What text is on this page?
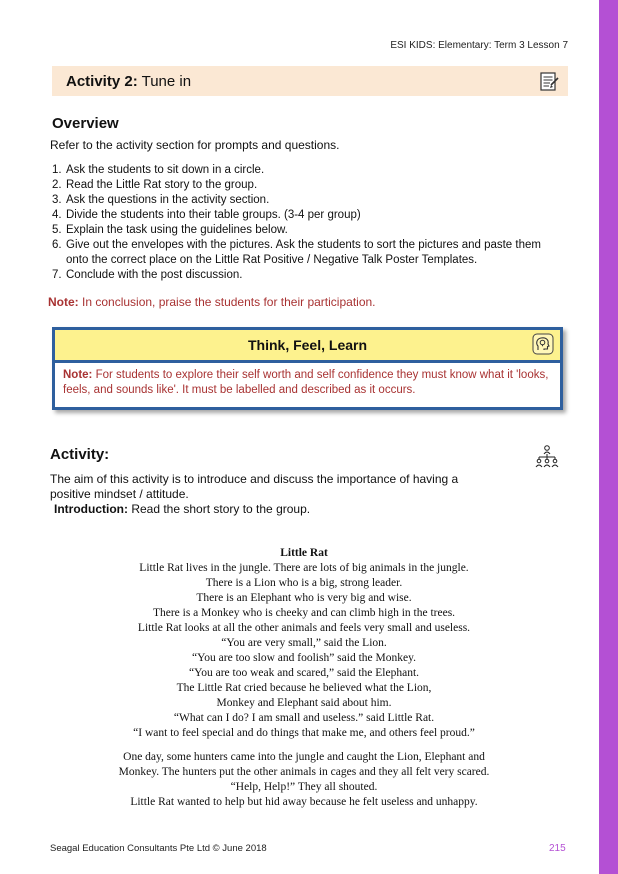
ESI KIDS: Elementary: Term 3 Lesson 7
Activity 2: Tune in
Overview
Refer to the activity section for prompts and questions.
1. Ask the students to sit down in a circle.
2. Read the Little Rat story to the group.
3. Ask the questions in the activity section.
4. Divide the students into their table groups. (3-4 per group)
5. Explain the task using the guidelines below.
6. Give out the envelopes with the pictures. Ask the students to sort the pictures and paste them onto the correct place on the Little Rat Positive / Negative Talk Poster Templates.
7. Conclude with the post discussion.
Note: In conclusion, praise the students for their participation.
Think, Feel, Learn
Note: For students to explore their self worth and self confidence they must know what it 'looks, feels, and sounds like'. It must be labelled and described as it occurs.
Activity:
The aim of this activity is to introduce and discuss the importance of having a positive mindset / attitude.
Introduction: Read the short story to the group.
Little Rat
Little Rat lives in the jungle. There are lots of big animals in the jungle.
There is a Lion who is a big, strong leader.
There is an Elephant who is very big and wise.
There is a Monkey who is cheeky and can climb high in the trees.
Little Rat looks at all the other animals and feels very small and useless.
“You are very small,” said the Lion.
“You are too slow and foolish” said the Monkey.
“You are too weak and scared,” said the Elephant.
The Little Rat cried because he believed what the Lion,
Monkey and Elephant said about him.
“What can I do? I am small and useless.” said Little Rat.
“I want to feel special and do things that make me, and others feel proud.”
One day, some hunters came into the jungle and caught the Lion, Elephant and
Monkey. The hunters put the other animals in cages and they all felt very scared.
“Help, Help!” They all shouted.
Little Rat wanted to help but hid away because he felt useless and unhappy.
Seagal Education Consultants Pte Ltd © June 2018	215
